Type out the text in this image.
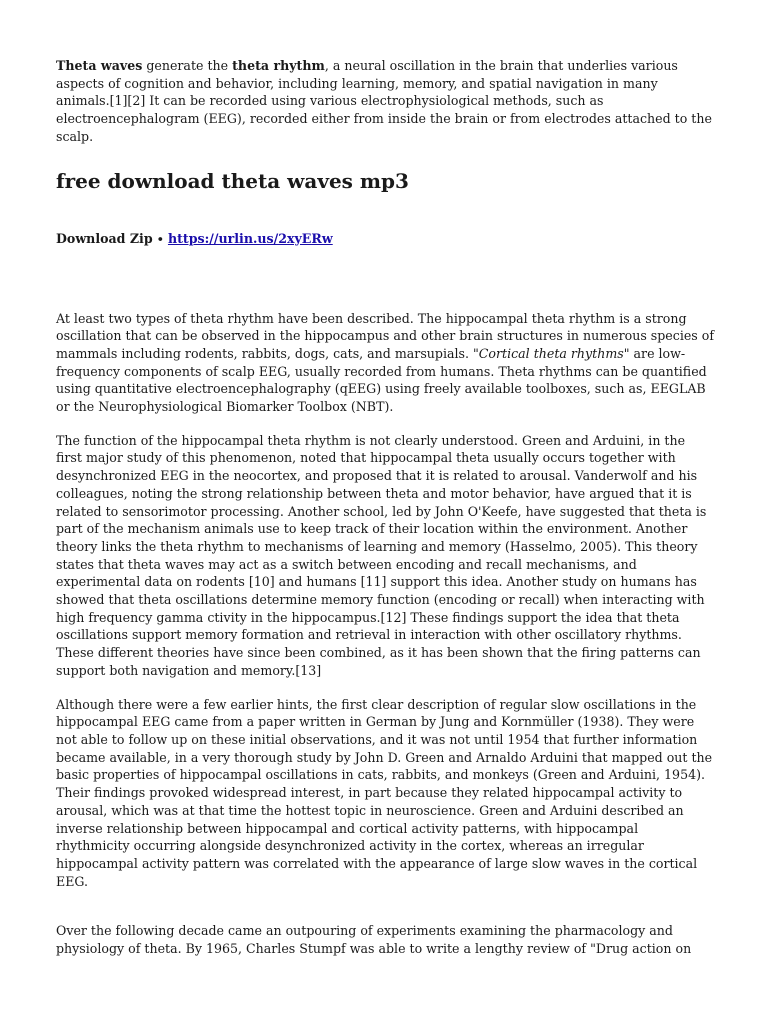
Theta waves generate the theta rhythm, a neural oscillation in the brain that underlies various aspects of cognition and behavior, including learning, memory, and spatial navigation in many animals.[1][2] It can be recorded using various electrophysiological methods, such as electroencephalogram (EEG), recorded either from inside the brain or from electrodes attached to the scalp.

free download theta waves mp3
Download Zip ∙ https://urlin.us/2xyERw

At least two types of theta rhythm have been described. The hippocampal theta rhythm is a strong oscillation that can be observed in the hippocampus and other brain structures in numerous species of mammals including rodents, rabbits, dogs, cats, and marsupials. "Cortical theta rhythms" are low-frequency components of scalp EEG, usually recorded from humans. Theta rhythms can be quantified using quantitative electroencephalography (qEEG) using freely available toolboxes, such as, EEGLAB or the Neurophysiological Biomarker Toolbox (NBT).

The function of the hippocampal theta rhythm is not clearly understood. Green and Arduini, in the first major study of this phenomenon, noted that hippocampal theta usually occurs together with desynchronized EEG in the neocortex, and proposed that it is related to arousal. Vanderwolf and his colleagues, noting the strong relationship between theta and motor behavior, have argued that it is related to sensorimotor processing. Another school, led by John O'Keefe, have suggested that theta is part of the mechanism animals use to keep track of their location within the environment. Another theory links the theta rhythm to mechanisms of learning and memory (Hasselmo, 2005). This theory states that theta waves may act as a switch between encoding and recall mechanisms, and experimental data on rodents [10] and humans [11] support this idea. Another study on humans has showed that theta oscillations determine memory function (encoding or recall) when interacting with high frequency gamma ctivity in the hippocampus.[12] These findings support the idea that theta oscillations support memory formation and retrieval in interaction with other oscillatory rhythms. These different theories have since been combined, as it has been shown that the firing patterns can support both navigation and memory.[13]

Although there were a few earlier hints, the first clear description of regular slow oscillations in the hippocampal EEG came from a paper written in German by Jung and Kornmüller (1938). They were not able to follow up on these initial observations, and it was not until 1954 that further information became available, in a very thorough study by John D. Green and Arnaldo Arduini that mapped out the basic properties of hippocampal oscillations in cats, rabbits, and monkeys (Green and Arduini, 1954). Their findings provoked widespread interest, in part because they related hippocampal activity to arousal, which was at that time the hottest topic in neuroscience. Green and Arduini described an inverse relationship between hippocampal and cortical activity patterns, with hippocampal rhythmicity occurring alongside desynchronized activity in the cortex, whereas an irregular hippocampal activity pattern was correlated with the appearance of large slow waves in the cortical EEG.

Over the following decade came an outpouring of experiments examining the pharmacology and physiology of theta. By 1965, Charles Stumpf was able to write a lengthy review of "Drug action on
